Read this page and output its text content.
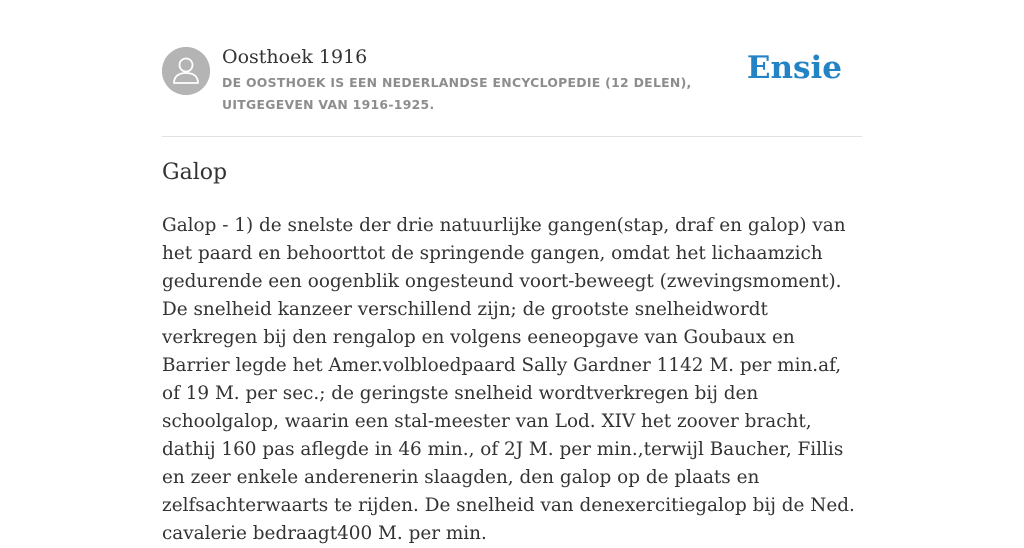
Oosthoek 1916
DE OOSTHOEK IS EEN NEDERLANDSE ENCYCLOPEDIE (12 DELEN), UITGEGEVEN VAN 1916-1925.
Ensie
Galop

Galop - 1) de snelste der drie natuurlijke gangen(stap, draf en galop) van het paard en behoorttot de springende gangen, omdat het lichaamzich gedurende een oogenblik ongesteund voort-beweegt (zwevingsmoment). De snelheid kanzeer verschillend zijn; de grootste snelheidwordt verkregen bij den rengalop en volgens eeneopgave van Goubaux en Barrier legde het Amer.volbloedpaard Sally Gardner 1142 M. per min.af, of 19 M. per sec.; de geringste snelheid wordtverkregen bij den schoolgalop, waarin een stal-meester van Lod. XIV het zoover bracht, dathij 160 pas aflegde in 46 min., of 2J M. per min.,terwijl Baucher, Fillis en zeer enkele anderenerin slaagden, den galop op de plaats en zelfsachterwaarts te rijden. De snelheid van denexercitiegalop bij de Ned. cavalerie bedraagt400 M. per min.
